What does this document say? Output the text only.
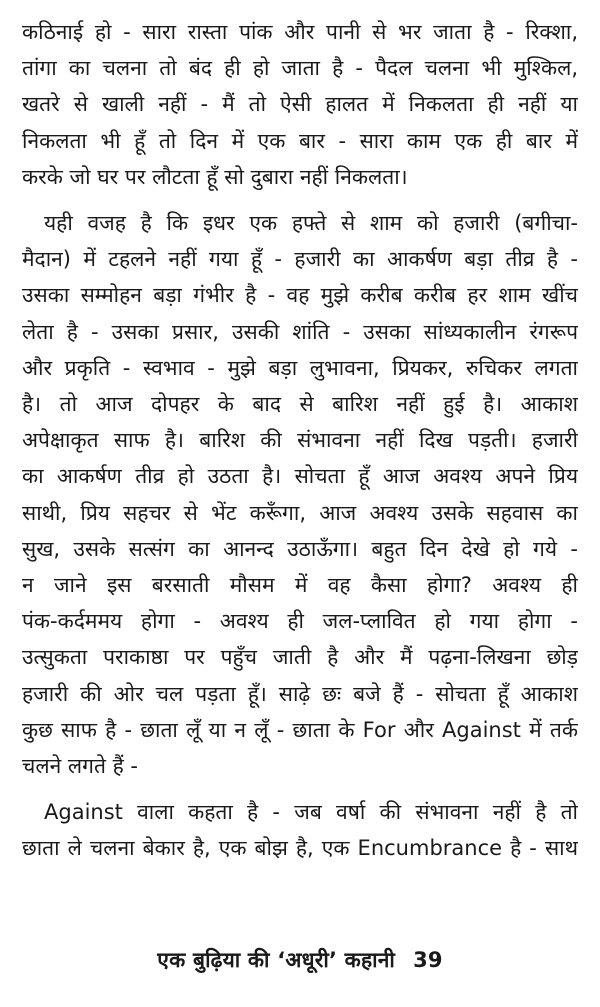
कठिनाई हो - सारा रास्ता पांक और पानी से भर जाता है - रिक्शा,
तांगा का चलना तो बंद ही हो जाता है - पैदल चलना भी मुश्किल,
खतरे से खाली नहीं - मैं तो ऐसी हालत में निकलता ही नहीं या
निकलता भी हूँ तो दिन में एक बार - सारा काम एक ही बार में
करके जो घर पर लौटता हूँ सो दुबारा नहीं निकलता।
यही वजह है कि इधर एक हफ्ते से शाम को हजारी (बगीचा-
मैदान) में टहलने नहीं गया हूँ - हजारी का आकर्षण बड़ा तीव्र है -
उसका सम्मोहन बड़ा गंभीर है - वह मुझे करीब करीब हर शाम खींच
लेता है - उसका प्रसार, उसकी शांति - उसका सांध्यकालीन रंगरूप
और प्रकृति - स्वभाव - मुझे बड़ा लुभावना, प्रियकर, रुचिकर लगता
है। तो आज दोपहर के बाद से बारिश नहीं हुई है। आकाश
अपेक्षाकृत साफ है। बारिश की संभावना नहीं दिख पड़ती। हजारी
का आकर्षण तीव्र हो उठता है। सोचता हूँ आज अवश्य अपने प्रिय
साथी, प्रिय सहचर से भेंट करूँगा, आज अवश्य उसके सहवास का
सुख, उसके सत्संग का आनन्द उठाऊँगा। बहुत दिन देखे हो गये -
न जाने इस बरसाती मौसम में वह कैसा होगा? अवश्य ही
पंक-कर्दममय होगा - अवश्य ही जल-प्लावित हो गया होगा -
उत्सुकता पराकाष्ठा पर पहुँच जाती है और मैं पढ़ना-लिखना छोड़
हजारी की ओर चल पड़ता हूँ। साढ़े छः बजे हैं - सोचता हूँ आकाश
कुछ साफ है - छाता लूँ या न लूँ - छाता के For और Against में तर्क
चलने लगते हैं -
Against वाला कहता है - जब वर्षा की संभावना नहीं है तो
छाता ले चलना बेकार है, एक बोझ है, एक Encumbrance है - साथ
एक बुढ़िया की ‘अधूरी’ कहानी 39
